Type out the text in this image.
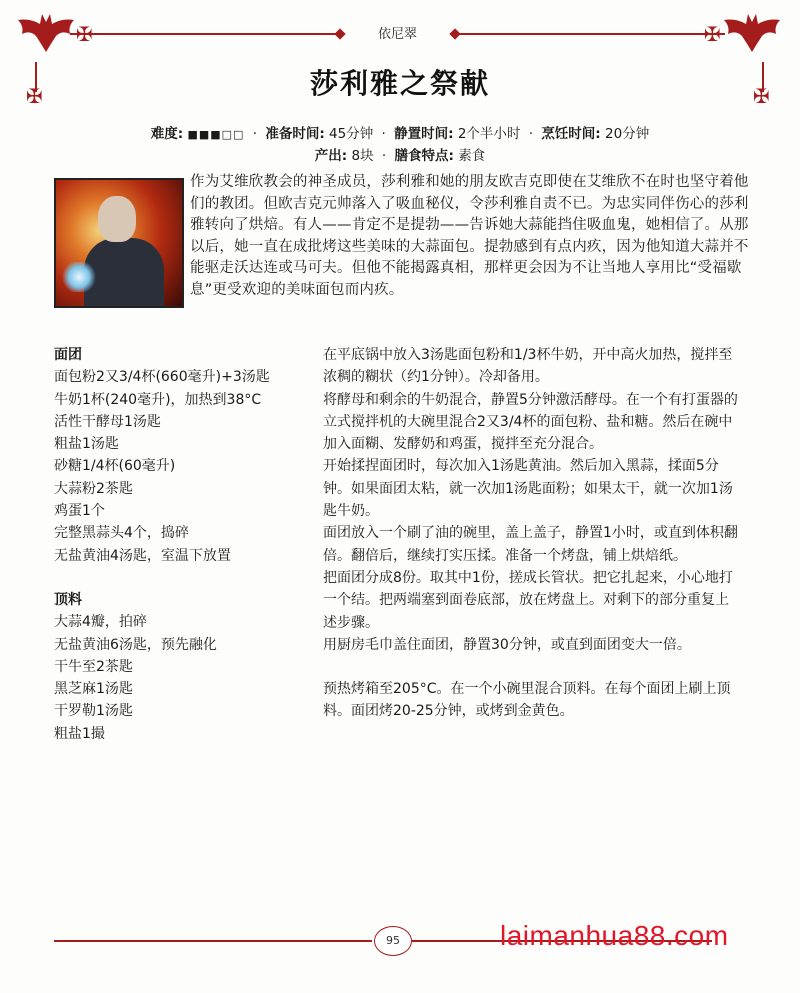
✠	✠
✠	✠
依尼翠
莎利雅之祭献
难度: ■■■□□ · 准备时间: 45分钟 · 静置时间: 2个半小时 · 烹饪时间: 20分钟
产出: 8块 · 膳食特点: 素食
作为艾维欣教会的神圣成员，莎利雅和她的朋友欧吉克即使在艾维欣不在时也坚守着他们的教团。但欧吉克元帅落入了吸血秘仪，令莎利雅自责不已。为忠实同伴伤心的莎利雅转向了烘焙。有人——肯定不是提勃——告诉她大蒜能挡住吸血鬼，她相信了。从那以后，她一直在成批烤这些美味的大蒜面包。提勃感到有点内疚，因为他知道大蒜并不能驱走沃达连或马可夫。但他不能揭露真相，那样更会因为不让当地人享用比“受福歇息”更受欢迎的美味面包而内疚。
面团
面包粉2又3/4杯(660毫升)+3汤匙
牛奶1杯(240毫升)，加热到38°C
活性干酵母1汤匙
粗盐1汤匙
砂糖1/4杯(60毫升)
大蒜粉2茶匙
鸡蛋1个
完整黑蒜头4个，捣碎
无盐黄油4汤匙，室温下放置
顶料
大蒜4瓣，拍碎
无盐黄油6汤匙，预先融化
干牛至2茶匙
黑芝麻1汤匙
干罗勒1汤匙
粗盐1撮

在平底锅中放入3汤匙面包粉和1/3杯牛奶，开中高火加热，搅拌至浓稠的糊状（约1分钟）。冷却备用。

将酵母和剩余的牛奶混合，静置5分钟激活酵母。在一个有打蛋器的立式搅拌机的大碗里混合2又3/4杯的面包粉、盐和糖。然后在碗中加入面糊、发酵奶和鸡蛋，搅拌至充分混合。

开始揉捏面团时，每次加入1汤匙黄油。然后加入黑蒜，揉面5分钟。如果面团太粘，就一次加1汤匙面粉；如果太干，就一次加1汤匙牛奶。

面团放入一个刷了油的碗里，盖上盖子，静置1小时，或直到体积翻倍。翻倍后，继续打实压揉。准备一个烤盘，铺上烘焙纸。

把面团分成8份。取其中1份，搓成长管状。把它扎起来，小心地打一个结。把两端塞到面卷底部，放在烤盘上。对剩下的部分重复上述步骤。

用厨房毛巾盖住面团，静置30分钟，或直到面团变大一倍。

预热烤箱至205°C。在一个小碗里混合顶料。在每个面团上刷上顶料。面团烤20-25分钟，或烤到金黄色。

95	laimanhua88.com
